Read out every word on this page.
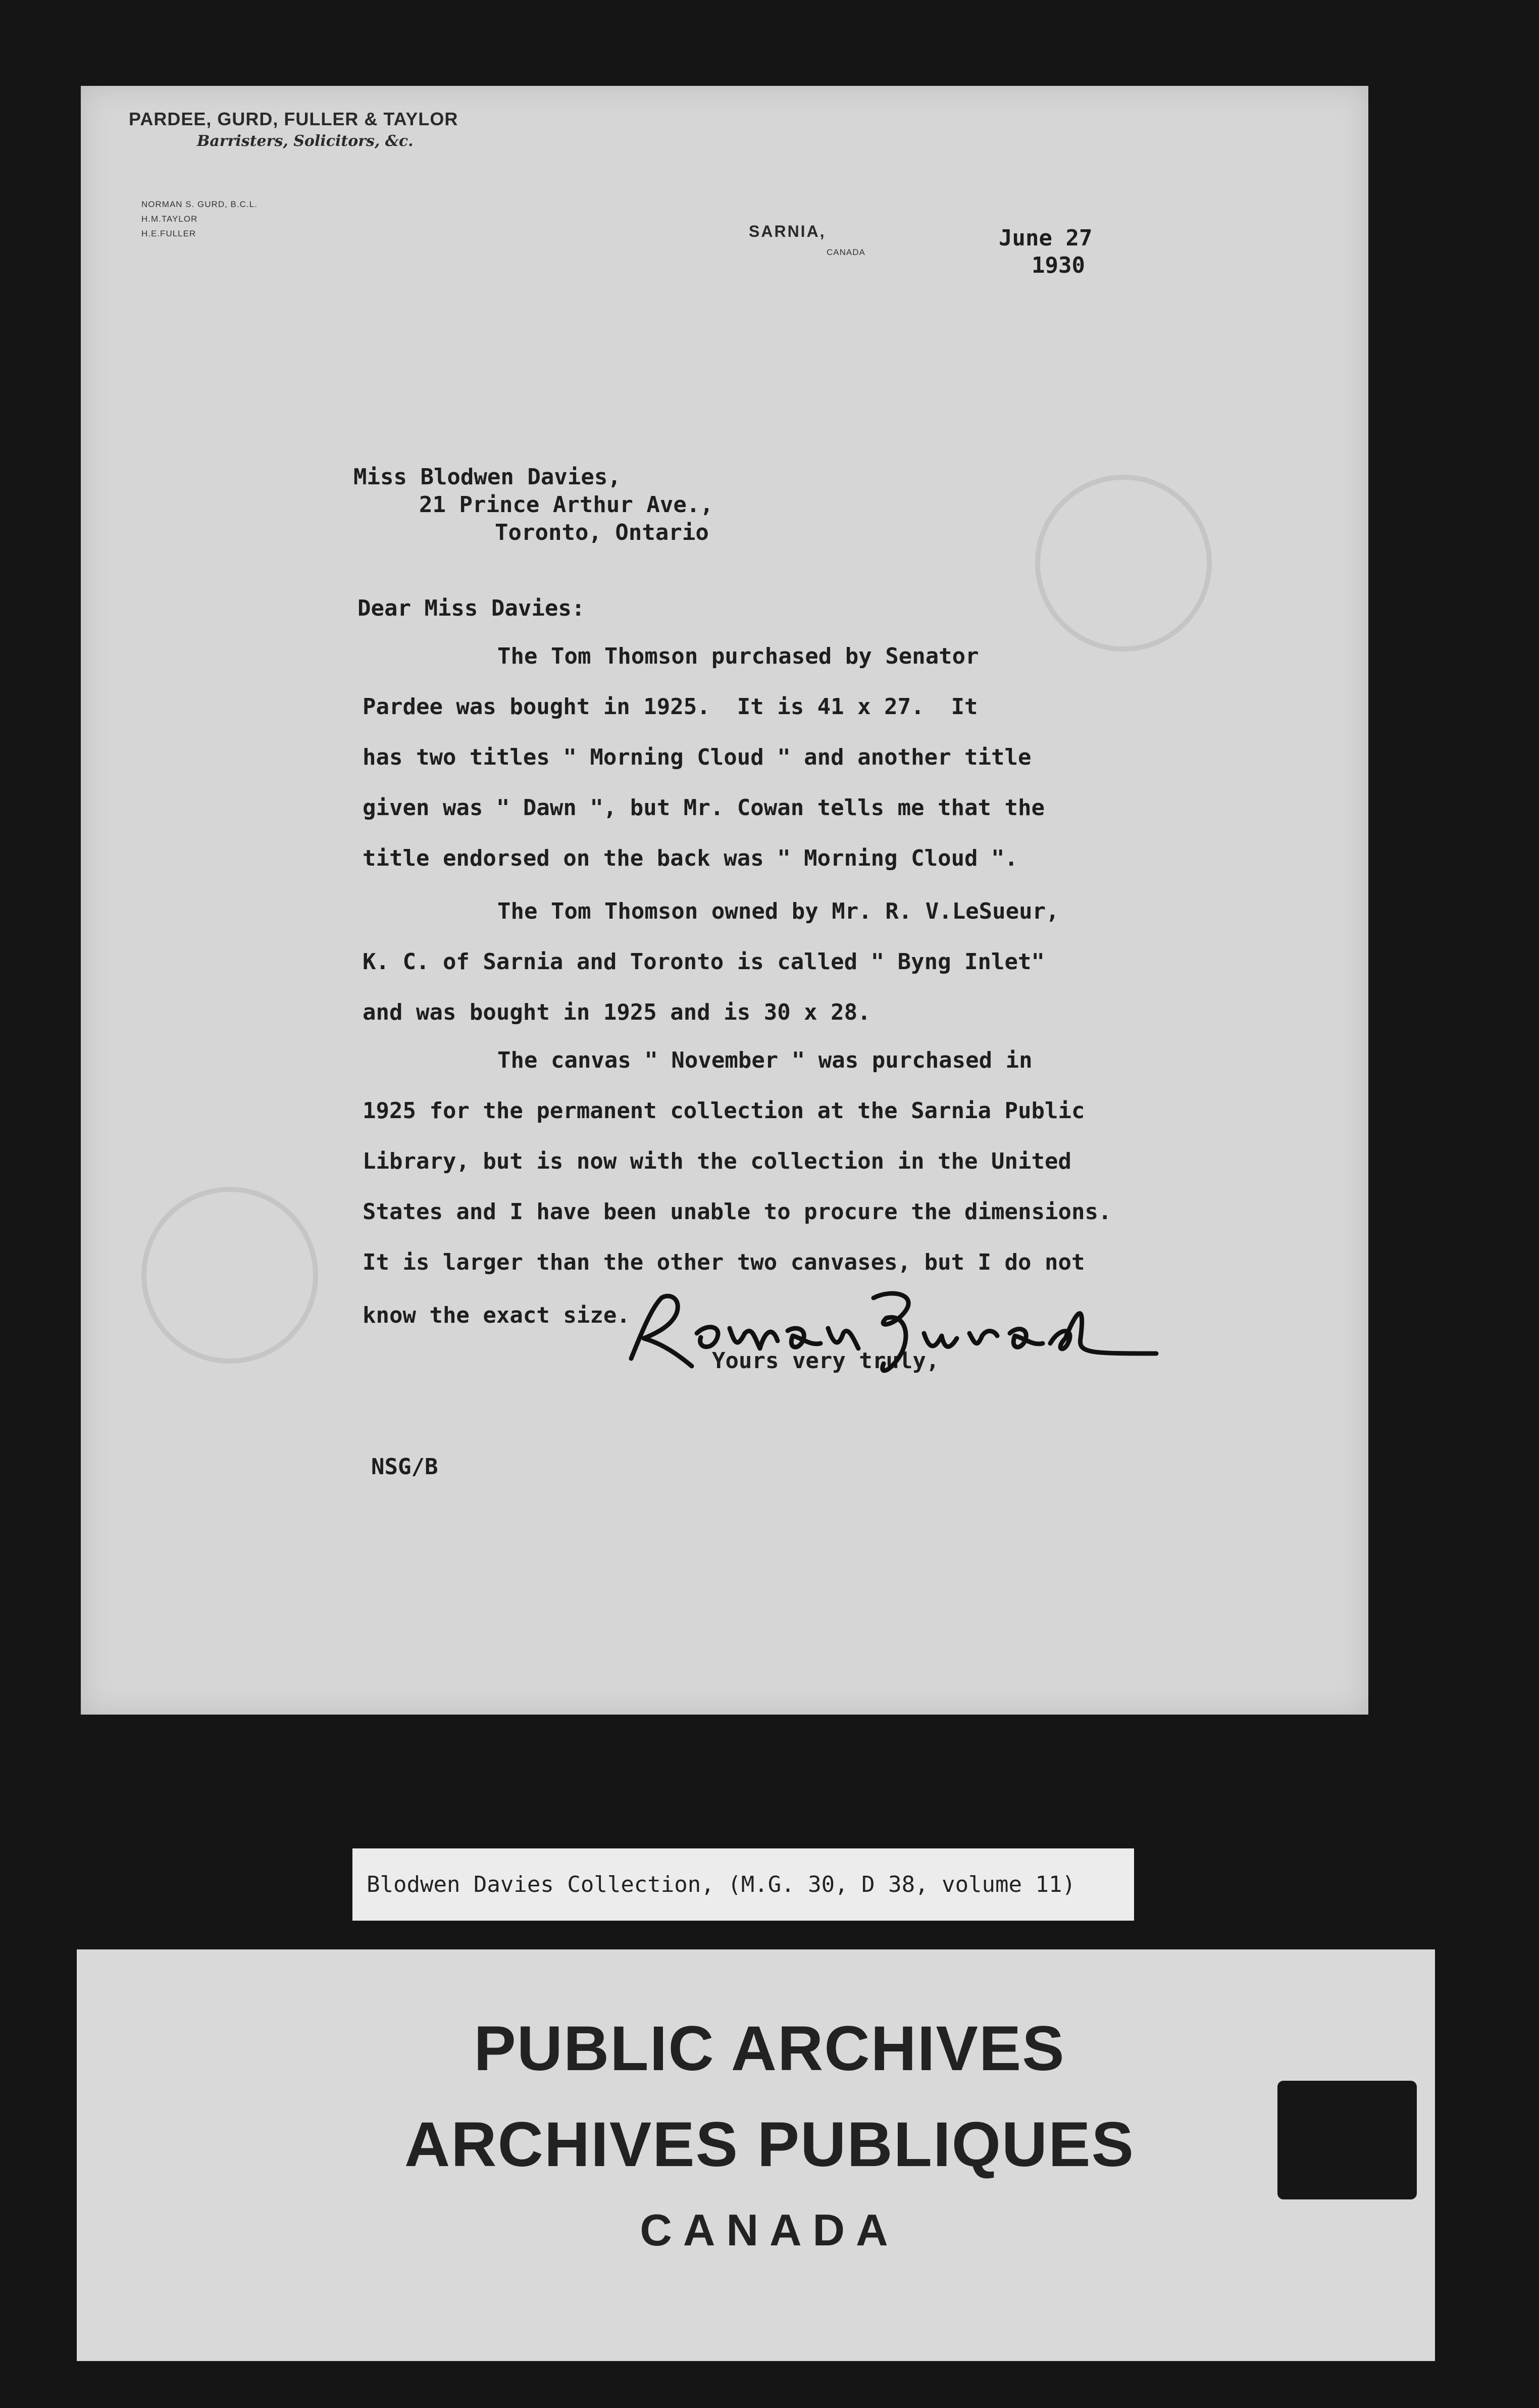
PARDEE, GURD, FULLER & TAYLOR
Barristers, Solicitors, &c.
NORMAN S. GURD, B.C.L.
H.M.TAYLOR
H.E.FULLER	SARNIA,
CANADA
June 27
1930
Miss Blodwen Davies,
21 Prince Arthur Ave.,
Toronto, Ontario
Dear Miss Davies:
The Tom Thomson purchased by Senator
Pardee was bought in 1925.  It is 41 x 27.  It
has two titles " Morning Cloud " and another title
given was " Dawn ", but Mr. Cowan tells me that the
title endorsed on the back was " Morning Cloud ".
The Tom Thomson owned by Mr. R. V.LeSueur,
K. C. of Sarnia and Toronto is called " Byng Inlet"
and was bought in 1925 and is 30 x 28.
The canvas " November " was purchased in
1925 for the permanent collection at the Sarnia Public
Library, but is now with the collection in the United
States and I have been unable to procure the dimensions.
It is larger than the other two canvases, but I do not
know the exact size.
Yours very truly,
NSG/B
Blodwen Davies Collection, (M.G. 30, D 38, volume 11)
PUBLIC ARCHIVES
ARCHIVES PUBLIQUES
CANADA
